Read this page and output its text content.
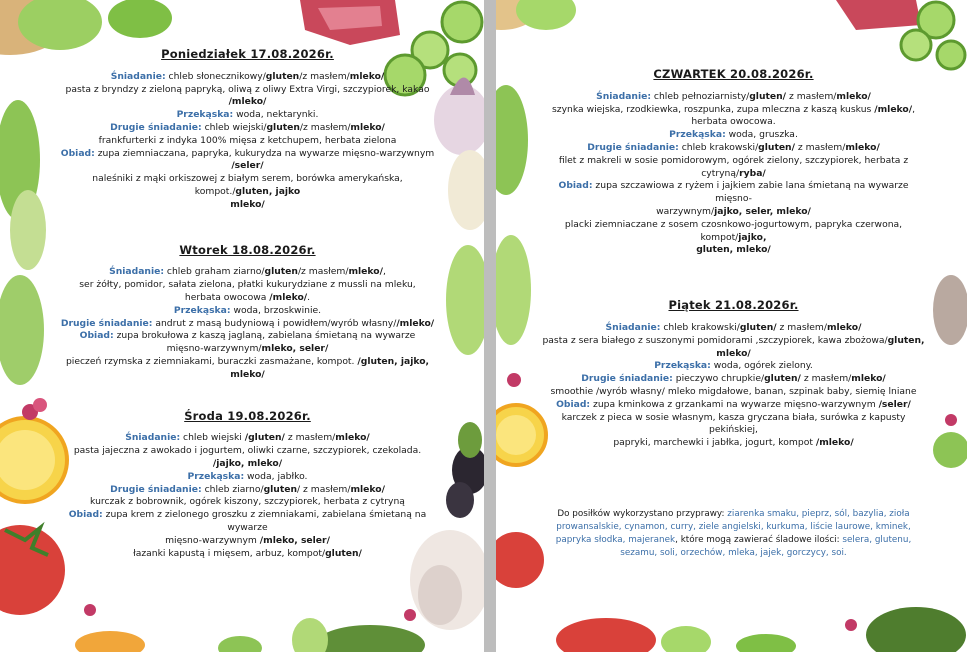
Poniedziałek 17.08.2026r.
Śniadanie: chleb słonecznikowy/gluten/z masłem/mleko/
pasta z bryndzy z zieloną papryką, oliwą z oliwy Extra Virgi, szczypiorek, kakao /mleko/
Przekąska: woda, nektarynki.
Drugie śniadanie: chleb wiejski/gluten/z masłem/mleko/
frankfurterki z indyka 100% mięsa z ketchupem, herbata zielona
Obiad: zupa ziemniaczana, papryka, kukurydza na wywarze mięsno-warzywnym
/seler/
naleśniki z mąki orkiszowej z białym serem, borówka amerykańska, kompot./gluten, jajko
mleko/
Wtorek 18.08.2026r.
Śniadanie: chleb graham ziarno/gluten/z masłem/mleko/,
ser żółty, pomidor, sałata zielona, płatki kukurydziane z mussli na mleku,
herbata owocowa /mleko/.
Przekąska: woda, brzoskwinie.
Drugie śniadanie: andrut z masą budyniową i powidłem/wyrób własny//mleko/
Obiad: zupa brokułowa z kaszą jaglaną, zabielana śmietaną na wywarze
mięsno-warzywnym/mleko, seler/
pieczeń rzymska z ziemniakami, buraczki zasmażane, kompot. /gluten, jajko, mleko/
Środa 19.08.2026r.
Śniadanie: chleb wiejski /gluten/ z masłem/mleko/
pasta jajeczna z awokado i jogurtem, oliwki czarne, szczypiorek, czekolada.
/jajko, mleko/
Przekąska: woda, jabłko.
Drugie śniadanie: chleb ziarno/gluten/ z masłem/mleko/
kurczak z bobrownik, ogórek kiszony, szczypiorek, herbata z cytryną
Obiad: zupa krem z zielonego groszku z ziemniakami, zabielana śmietaną na wywarze
mięsno-warzywnym /mleko, seler/
łazanki kapustą i mięsem, arbuz, kompot/gluten/
CZWARTEK 20.08.2026r.
Śniadanie: chleb pełnoziarnisty/gluten/ z masłem/mleko/
szynka wiejska, rzodkiewka, roszpunka, zupa mleczna z kaszą kuskus /mleko/,
herbata owocowa.
Przekąska: woda, gruszka.
Drugie śniadanie: chleb krakowski/gluten/ z masłem/mleko/
filet z makreli w sosie pomidorowym, ogórek zielony, szczypiorek, herbata z cytryną/ryba/
Obiad: zupa szczawiowa z ryżem i jajkiem zabie lana śmietaną na wywarze mięsno-
warzywnym/jajko, seler, mleko/
placki ziemniaczane z sosem czosnkowo-jogurtowym, papryka czerwona, kompot/jajko,
gluten, mleko/
Piątek 21.08.2026r.
Śniadanie: chleb krakowski/gluten/ z masłem/mleko/
pasta z sera białego z suszonymi pomidorami ,szczypiorek, kawa zbożowa/gluten, mleko/
Przekąska: woda, ogórek zielony.
Drugie śniadanie: pieczywo chrupkie/gluten/ z masłem/mleko/
smoothie /wyrób własny/ mleko migdałowe, banan, szpinak baby, siemię lniane
Obiad: zupa kminkowa z grzankami na wywarze mięsno-warzywnym /seler/
karczek z pieca w sosie własnym, kasza gryczana biała, surówka z kapusty pekińskiej,
papryki, marchewki i jabłka, jogurt, kompot /mleko/
Do posiłków wykorzystano przyprawy: ziarenka smaku, pieprz, sól, bazylia, zioła prowansalskie, cynamon, curry, ziele angielski, kurkuma, liście laurowe, kminek, papryka słodka, majeranek, które mogą zawierać śladowe ilości: selera, glutenu, sezamu, soli, orzechów, mleka, jajek, gorczycy, soi.
